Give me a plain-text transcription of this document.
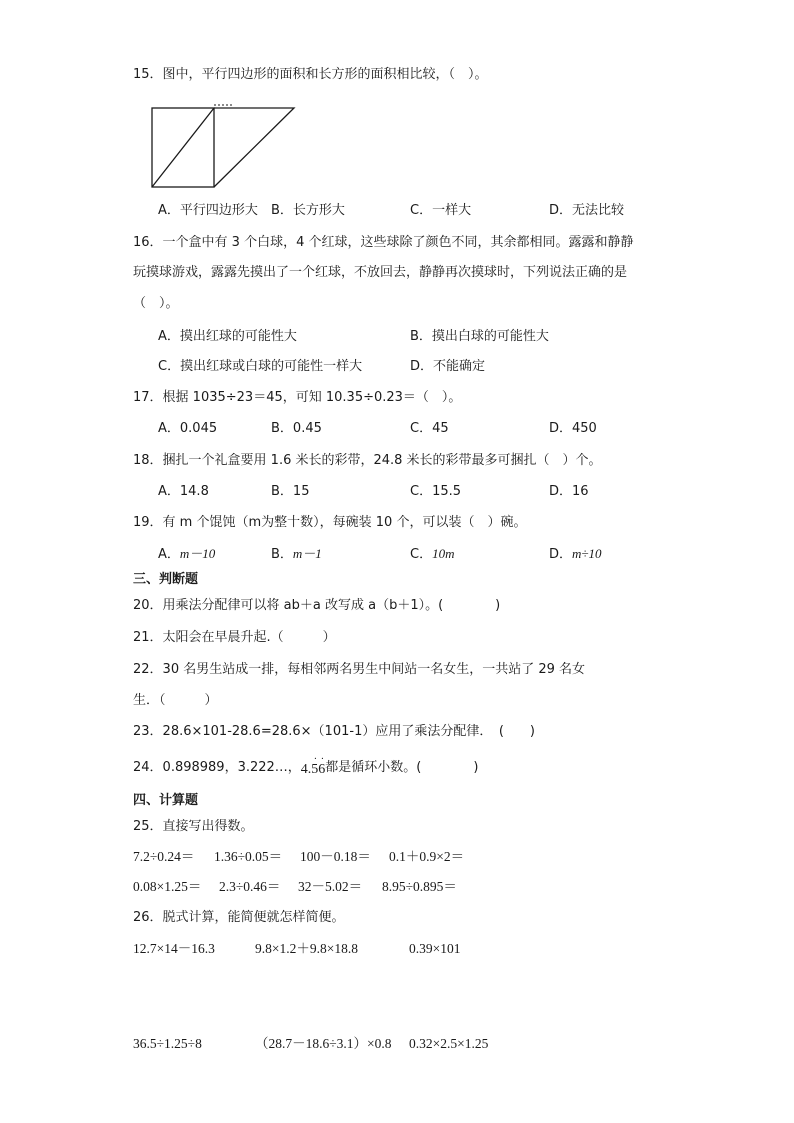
15．图中，平行四边形的面积和长方形的面积相比较，（　）。
A．平行四边形大 B．长方形大	C．一样大	D．无法比较
16．一个盒中有 3 个白球，4 个红球，这些球除了颜色不同，其余都相同。露露和静静
玩摸球游戏，露露先摸出了一个红球，不放回去，静静再次摸球时，下列说法正确的是
（　）。
A．摸出红球的可能性大	B．摸出白球的可能性大
C．摸出红球或白球的可能性一样大	D．不能确定
17．根据 1035÷23＝45，可知 10.35÷0.23＝（　）。
A．0.045	B．0.45	C．45	D．450
18．捆扎一个礼盒要用 1.6 米长的彩带，24.8 米长的彩带最多可捆扎（　）个。
A．14.8	B．15	C．15.5	D．16
19．有 m 个馄饨（m为整十数），每碗装 10 个，可以装（　）碗。
A．m－10	B．m－1	C．10m	D．m÷10
三、判断题
20．用乘法分配律可以将 ab＋a 改写成 a（b＋1）。(　　　　)
21．太阳会在早晨升起.（　　　）
22．30 名男生站成一排，每相邻两名男生中间站一名女生，一共站了 29 名女
生．（　　　）
23．28.6×101-28.6=28.6×（101-1）应用了乘法分配律．　(　　)
24．0.898989，3.222…，4.56
· ·
都是循环小数。(　　　　)
四、计算题
25．直接写出得数。
7.2÷0.24＝ 1.36÷0.05＝ 100－0.18＝ 0.1＋0.9×2＝
0.08×1.25＝ 2.3÷0.46＝ 32－5.02＝ 8.95÷0.895＝
26．脱式计算，能简便就怎样简便。
12.7×14－16.3	9.8×1.2＋9.8×18.8	0.39×101
36.5÷1.25÷8	（28.7－18.6÷3.1）×0.8 0.32×2.5×1.25
